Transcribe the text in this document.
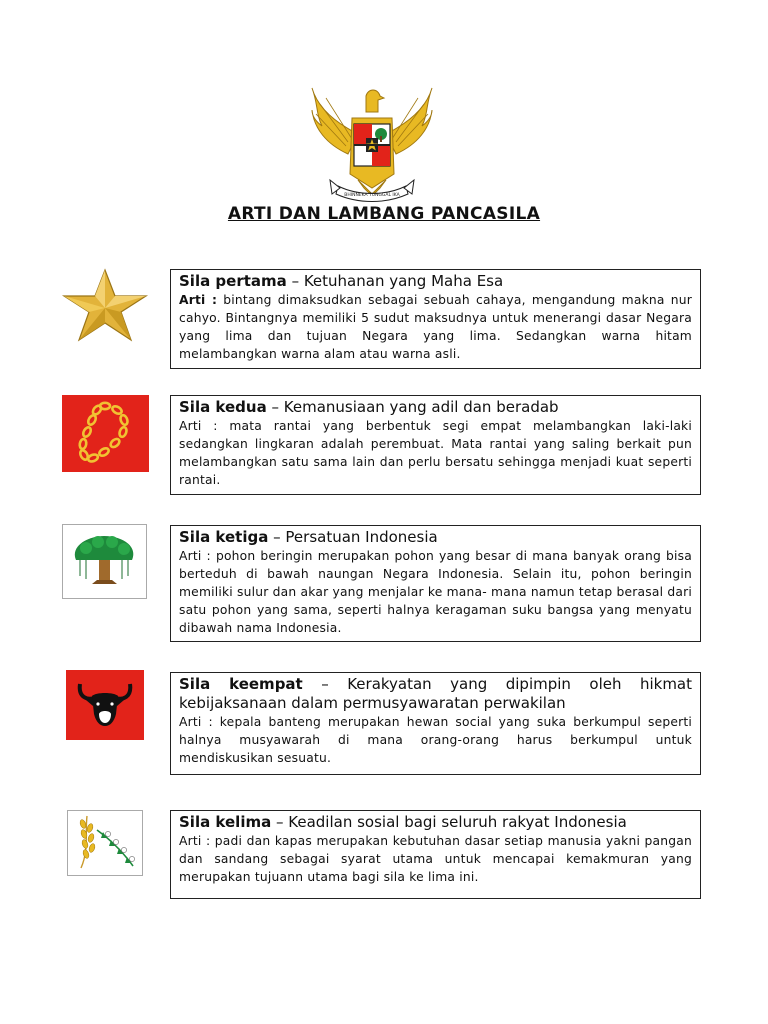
BHINNEKA TUNGGAL IKA
ARTI DAN LAMBANG PANCASILA
Sila pertama – Ketuhanan yang Maha Esa

Arti : bintang dimaksudkan sebagai sebuah cahaya, mengandung makna nur cahyo. Bintangnya memiliki 5 sudut maksudnya untuk menerangi dasar Negara yang lima dan tujuan Negara yang lima. Sedangkan warna hitam melambangkan warna alam atau warna asli.

Sila kedua – Kemanusiaan yang adil dan beradab

Arti : mata rantai yang berbentuk segi empat melambangkan laki-laki sedangkan lingkaran adalah perembuat. Mata rantai yang saling berkait pun melambangkan satu sama lain dan perlu bersatu sehingga menjadi kuat seperti rantai.

Sila ketiga – Persatuan Indonesia

Arti : pohon beringin merupakan pohon yang besar di mana banyak orang bisa berteduh di bawah naungan Negara Indonesia. Selain itu, pohon beringin memiliki sulur dan akar yang menjalar ke mana- mana namun tetap berasal dari satu pohon yang sama, seperti halnya keragaman suku bangsa yang menyatu dibawah nama Indonesia.

Sila keempat – Kerakyatan yang dipimpin oleh hikmat kebijaksanaan dalam permusyawaratan perwakilan

Arti : kepala banteng merupakan hewan social yang suka berkumpul seperti halnya musyawarah di mana orang-orang harus berkumpul untuk mendiskusikan sesuatu.

Sila kelima – Keadilan sosial bagi seluruh rakyat Indonesia

Arti : padi dan kapas merupakan kebutuhan dasar setiap manusia yakni pangan dan sandang sebagai syarat utama untuk mencapai kemakmuran yang merupakan tujuann utama bagi sila ke lima ini.
